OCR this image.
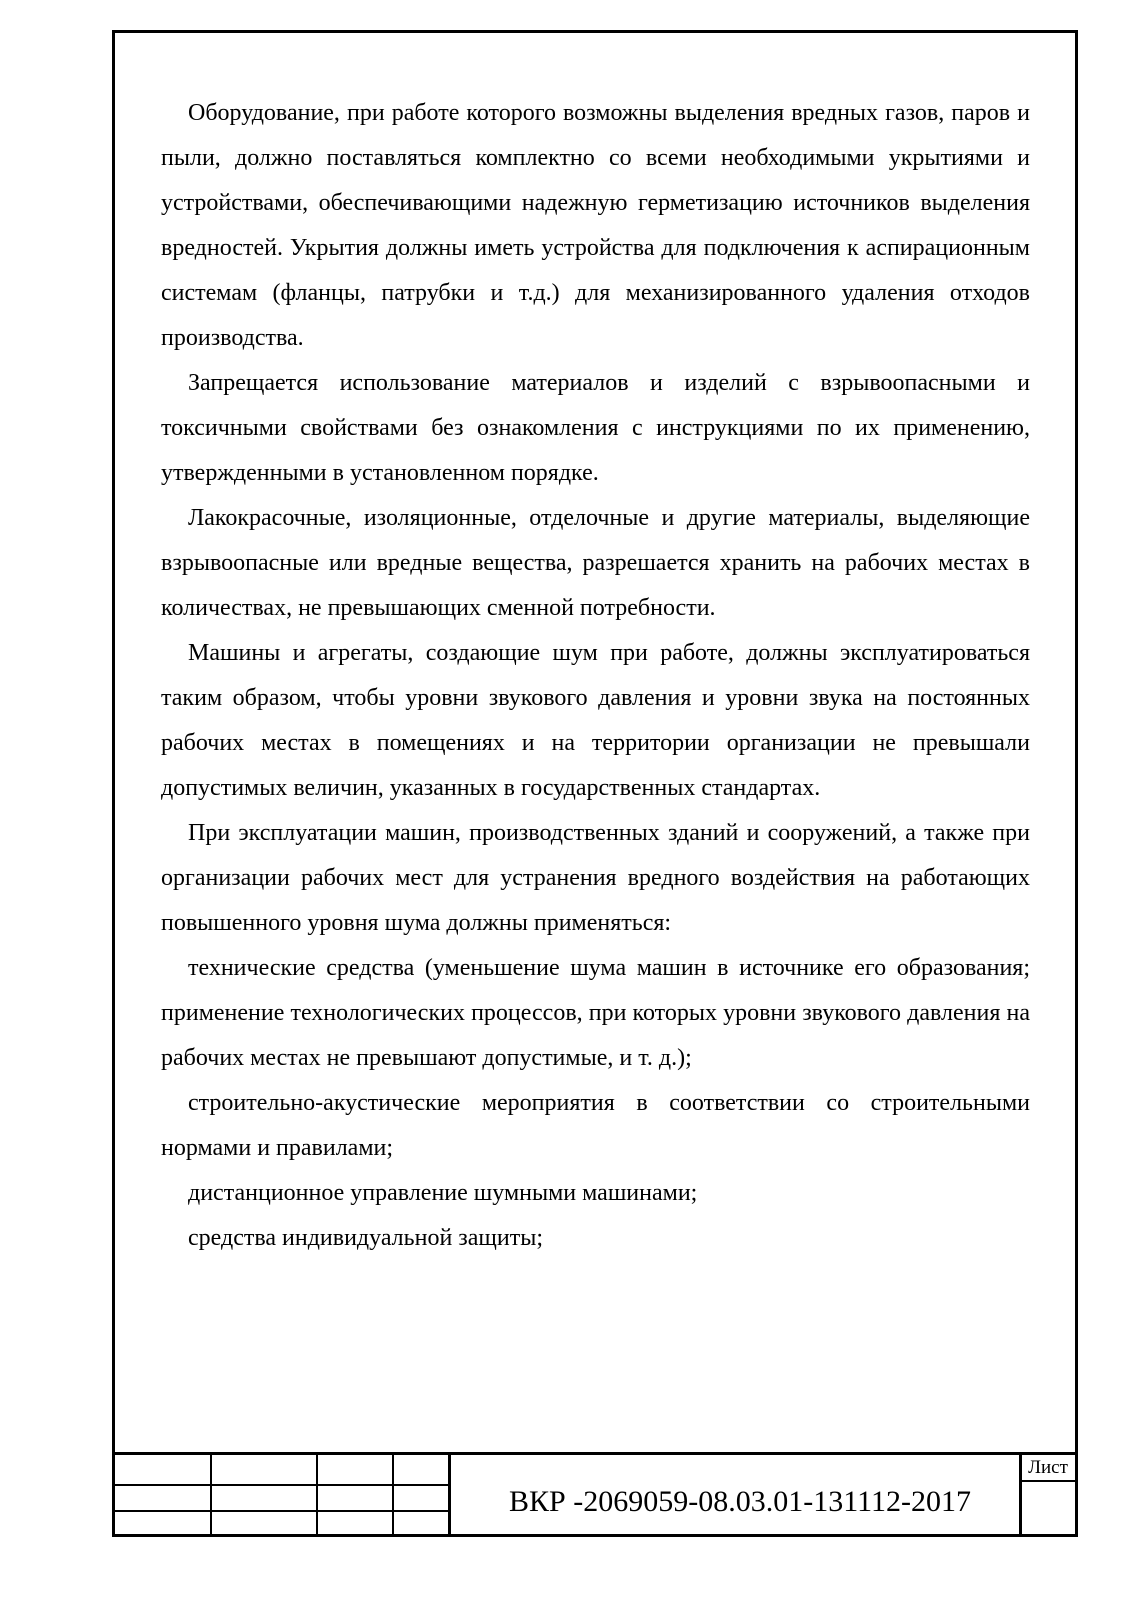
Оборудование, при работе которого возможны выделения вредных газов, паров и пыли, должно поставляться комплектно со всеми необходимыми укрытиями и устройствами, обеспечивающими надежную герметизацию источников выделения вредностей. Укрытия должны иметь устройства для подключения к аспирационным системам (фланцы, патрубки и т.д.) для механизированного удаления отходов производства.

Запрещается использование материалов и изделий с взрывоопасными и токсичными свойствами без ознакомления с инструкциями по их применению, утвержденными в установленном порядке.

Лакокрасочные, изоляционные, отделочные и другие материалы, выделяющие взрывоопасные или вредные вещества, разрешается хранить на рабочих местах в количествах, не превышающих сменной потребности.

Машины и агрегаты, создающие шум при работе, должны эксплуатироваться таким образом, чтобы уровни звукового давления и уровни звука на постоянных рабочих местах в помещениях и на территории организации не превышали допустимых величин, указанных в государственных стандартах.

При эксплуатации машин, производственных зданий и сооружений, а также при организации рабочих мест для устранения вредного воздействия на работающих повышенного уровня шума должны применяться:

технические средства (уменьшение шума машин в источнике его образования; применение технологических процессов, при которых уровни звукового давления на рабочих местах не превышают допустимые, и т. д.);

строительно-акустические мероприятия в соответствии со строительными нормами и правилами;

дистанционное управление шумными машинами;

средства индивидуальной защиты;

Лист
ВКР -2069059-08.03.01-131112-2017
